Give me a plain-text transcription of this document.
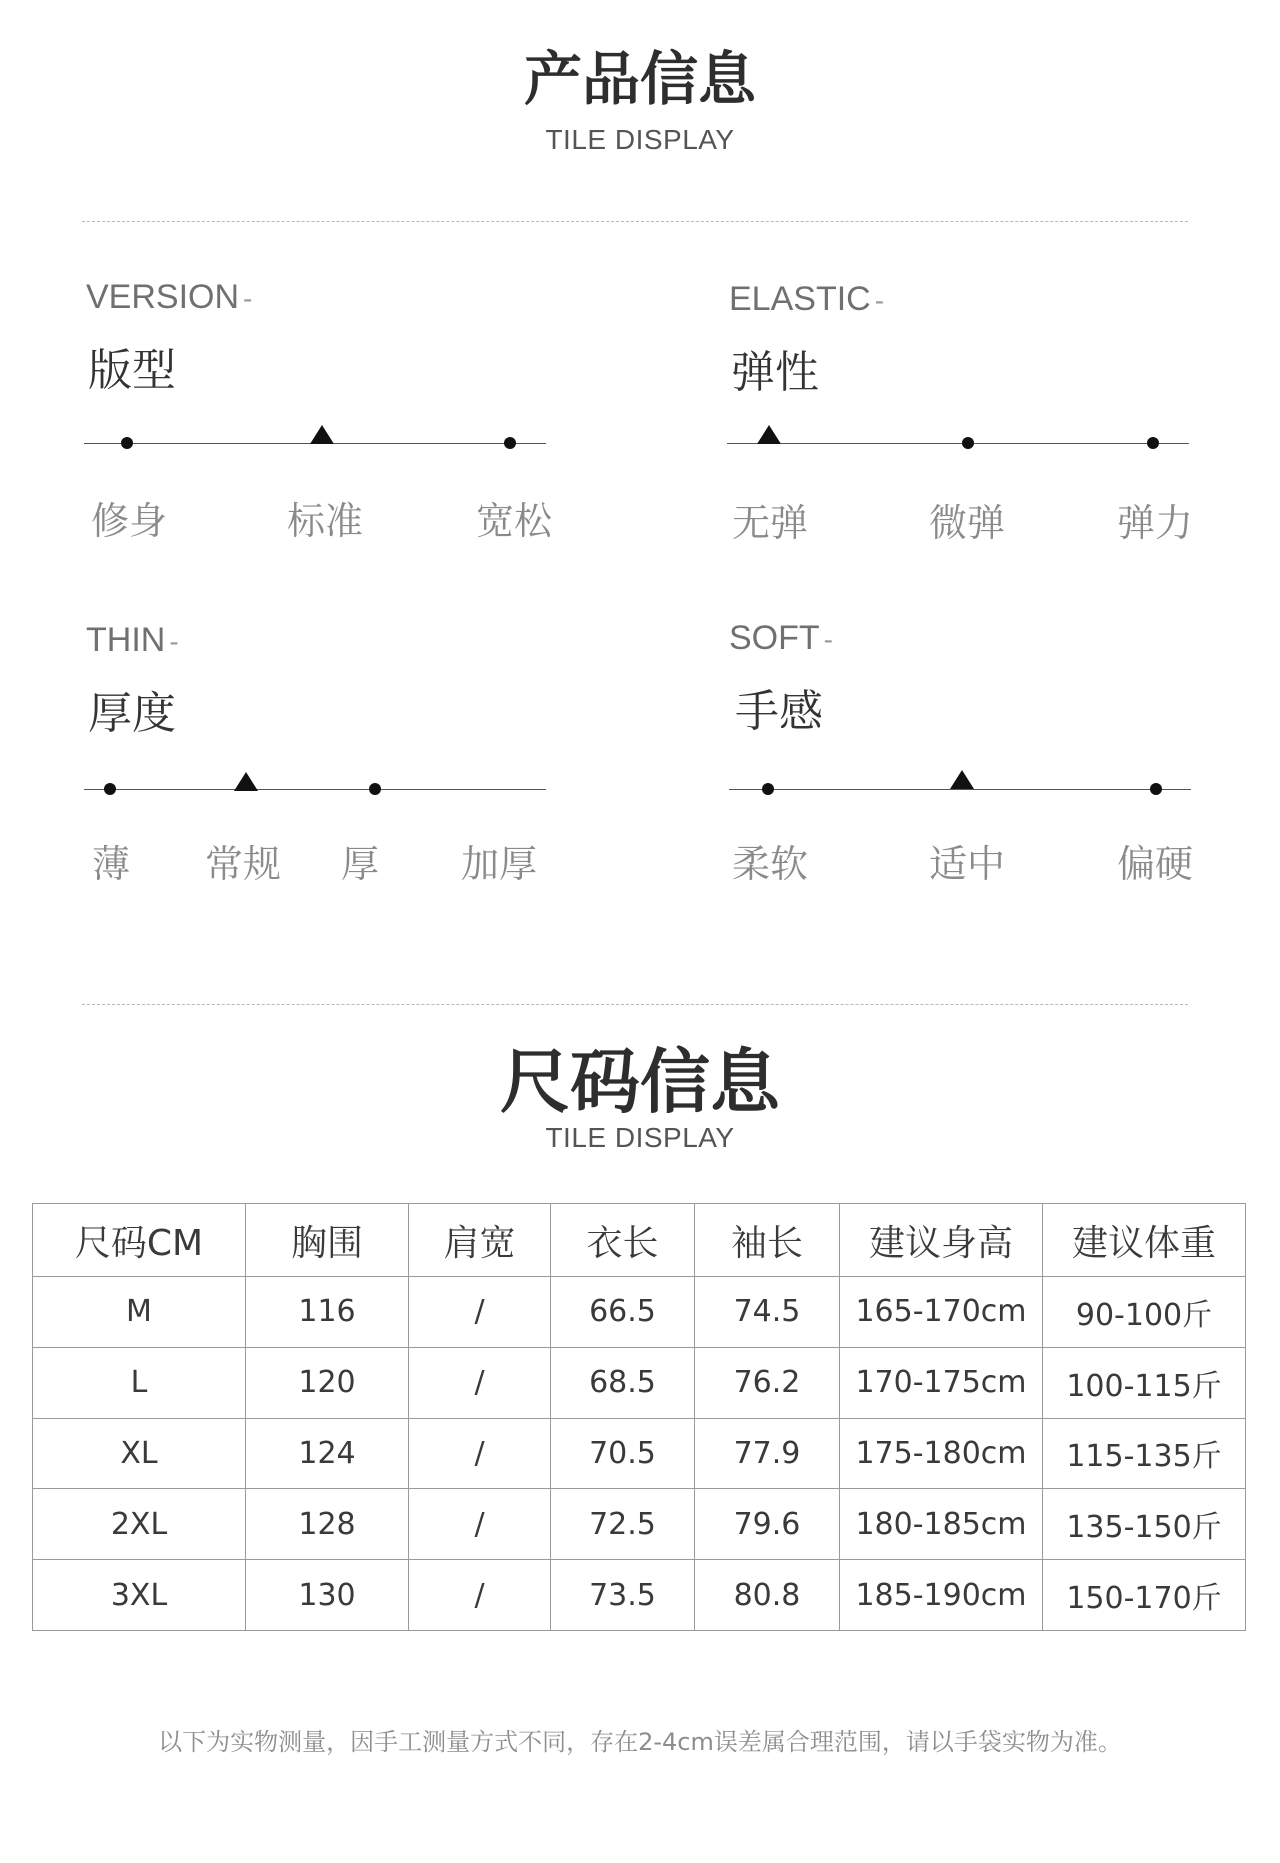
产品信息
TILE DISPLAY
VERSION -
版型
修身	标准	宽松
ELASTIC -
弹性
无弹	微弹	弹力
THIN -
厚度
薄 常规 厚 加厚
SOFT -
手感
柔软	适中	偏硬
尺码信息
TILE DISPLAY
尺码CM	胸围	肩宽	衣长	袖长	建议身高	建议体重
M	116	/	66.5	74.5	165-170cm	90-100斤
L	120	/	68.5	76.2	170-175cm	100-115斤
XL	124	/	70.5	77.9	175-180cm	115-135斤
2XL	128	/	72.5	79.6	180-185cm	135-150斤
3XL	130	/	73.5	80.8	185-190cm	150-170斤
以下为实物测量，因手工测量方式不同，存在2-4cm误差属合理范围，请以手袋实物为准。
